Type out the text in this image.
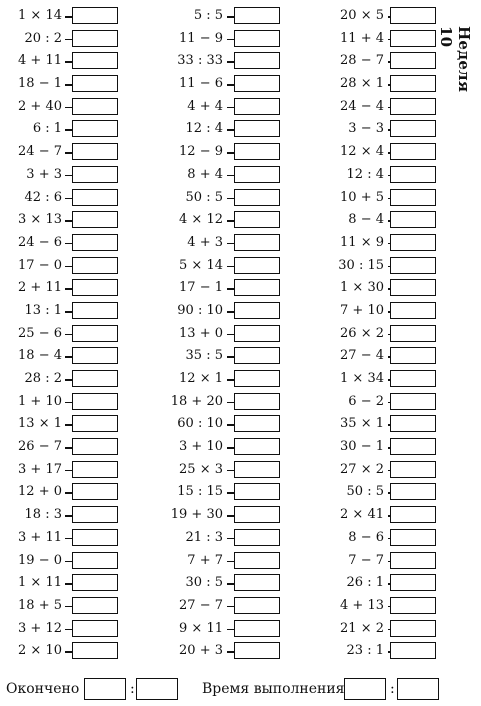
1 × 14
20 : 2
4 + 11
18 − 1
2 + 40
6 : 1
24 − 7
3 + 3
42 : 6
3 × 13
24 − 6
17 − 0
2 + 11
13 : 1
25 − 6
18 − 4
28 : 2
1 + 10
13 × 1
26 − 7
3 + 17
12 + 0
18 : 3
3 + 11
19 − 0
1 × 11
18 + 5
3 + 12
2 × 10
5 : 5
11 − 9
33 : 33
11 − 6
4 + 4
12 : 4
12 − 9
8 + 4
50 : 5
4 × 12
4 + 3
5 × 14
17 − 1
90 : 10
13 + 0
35 : 5
12 × 1
18 + 20
60 : 10
3 + 10
25 × 3
15 : 15
19 + 30
21 : 3
7 + 7
30 : 5
27 − 7
9 × 11
20 + 3
20 × 5
11 + 4
28 − 7
28 × 1
24 − 4
3 − 3
12 × 4
12 : 4
10 + 5
8 − 4
11 × 9
30 : 15
1 × 30
7 + 10
26 × 2
27 − 4
1 × 34
6 − 2
35 × 1
30 − 1
27 × 2
50 : 5
2 × 41
8 − 6
7 − 7
26 : 1
4 + 13
21 × 2
23 : 1
Неделя 10
Окончено	:	Время выполнения	:
